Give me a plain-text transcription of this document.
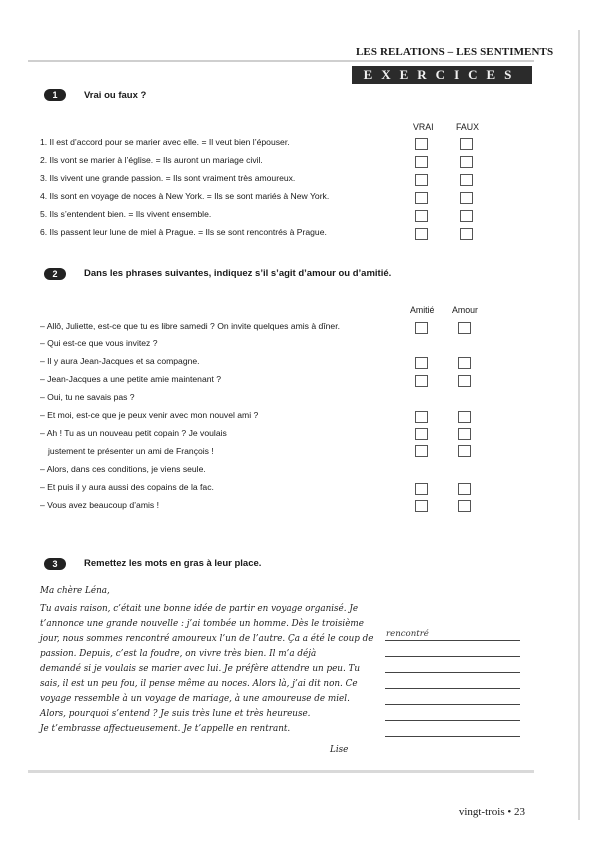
LES RELATIONS – LES SENTIMENTS
EXERCICES
1	Vrai ou faux ?
VRAI	FAUX
1. Il est d’accord pour se marier avec elle. = Il veut bien l’épouser.
2. Ils vont se marier à l’église. = Ils auront un mariage civil.
3. Ils vivent une grande passion. = Ils sont vraiment très amoureux.
4. Ils sont en voyage de noces à New York. = Ils se sont mariés à New York.
5. Ils s’entendent bien. = Ils vivent ensemble.
6. Ils passent leur lune de miel à Prague. = Ils se sont rencontrés à Prague.
2	Dans les phrases suivantes, indiquez s’il s’agit d’amour ou d’amitié.
Amitié Amour
– Allô, Juliette, est-ce que tu es libre samedi ? On invite quelques amis à dîner.
– Qui est-ce que vous invitez ?
– Il y aura Jean-Jacques et sa compagne.
– Jean-Jacques a une petite amie maintenant ?
– Oui, tu ne savais pas ?
– Et moi, est-ce que je peux venir avec mon nouvel ami ?
– Ah ! Tu as un nouveau petit copain ? Je voulais
justement te présenter un ami de François !
– Alors, dans ces conditions, je viens seule.
– Et puis il y aura aussi des copains de la fac.
– Vous avez beaucoup d’amis !
3	Remettez les mots en gras à leur place.
Ma chère Léna,
Tu avais raison, c’était une bonne idée de partir en voyage organisé. Je
t’annonce une grande nouvelle : j’ai tombée un homme. Dès le troisième
jour, nous sommes rencontré amoureux l’un de l’autre. Ça a été le coup de
passion. Depuis, c’est la foudre, on vivre très bien. Il m’a déjà
demandé si je voulais se marier avec lui. Je préfère attendre un peu. Tu
sais, il est un peu fou, il pense même au noces. Alors là, j’ai dit non. Ce
voyage ressemble à un voyage de mariage, à une amoureuse de miel.
Alors, pourquoi s’entend ? Je suis très lune et très heureuse.
Je t’embrasse affectueusement. Je t’appelle en rentrant.
Lise
rencontré
vingt-trois • 23
